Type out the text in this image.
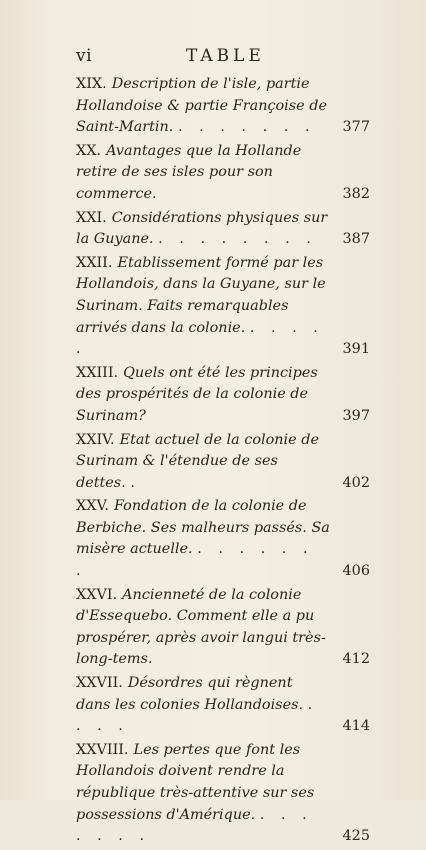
vi	TABLE
XIX. Description de l'isle, partie Hollandoise & partie Françoise de Saint-Martin. . . . . . . . 377
XX. Avantages que la Hollande retire de ses isles pour son commerce.	382
XXI. Considérations physiques sur la Guyane. . . . . . . . . 387
XXII. Etablissement formé par les Hollandois, dans la Guyane, sur le Surinam. Faits remarquables arrivés dans la colonie. . . . . .	391
XXIII. Quels ont été les principes des prospérités de la colonie de Surinam?	397
XXIV. Etat actuel de la colonie de Surinam & l'étendue de ses dettes. .	402
XXV. Fondation de la colonie de Berbiche. Ses malheurs passés. Sa misère actuelle. . . . . . . .	406
XXVI. Ancienneté de la colonie d'Essequebo. Comment elle a pu prospérer, après avoir langui très-long-tems.	412
XXVII. Désordres qui règnent dans les colonies Hollandoises. . . . .	414
XXVIII. Les pertes que font les Hollandois doivent rendre la république très-attentive sur ses possessions d'Amérique. . . . . . . .	425
